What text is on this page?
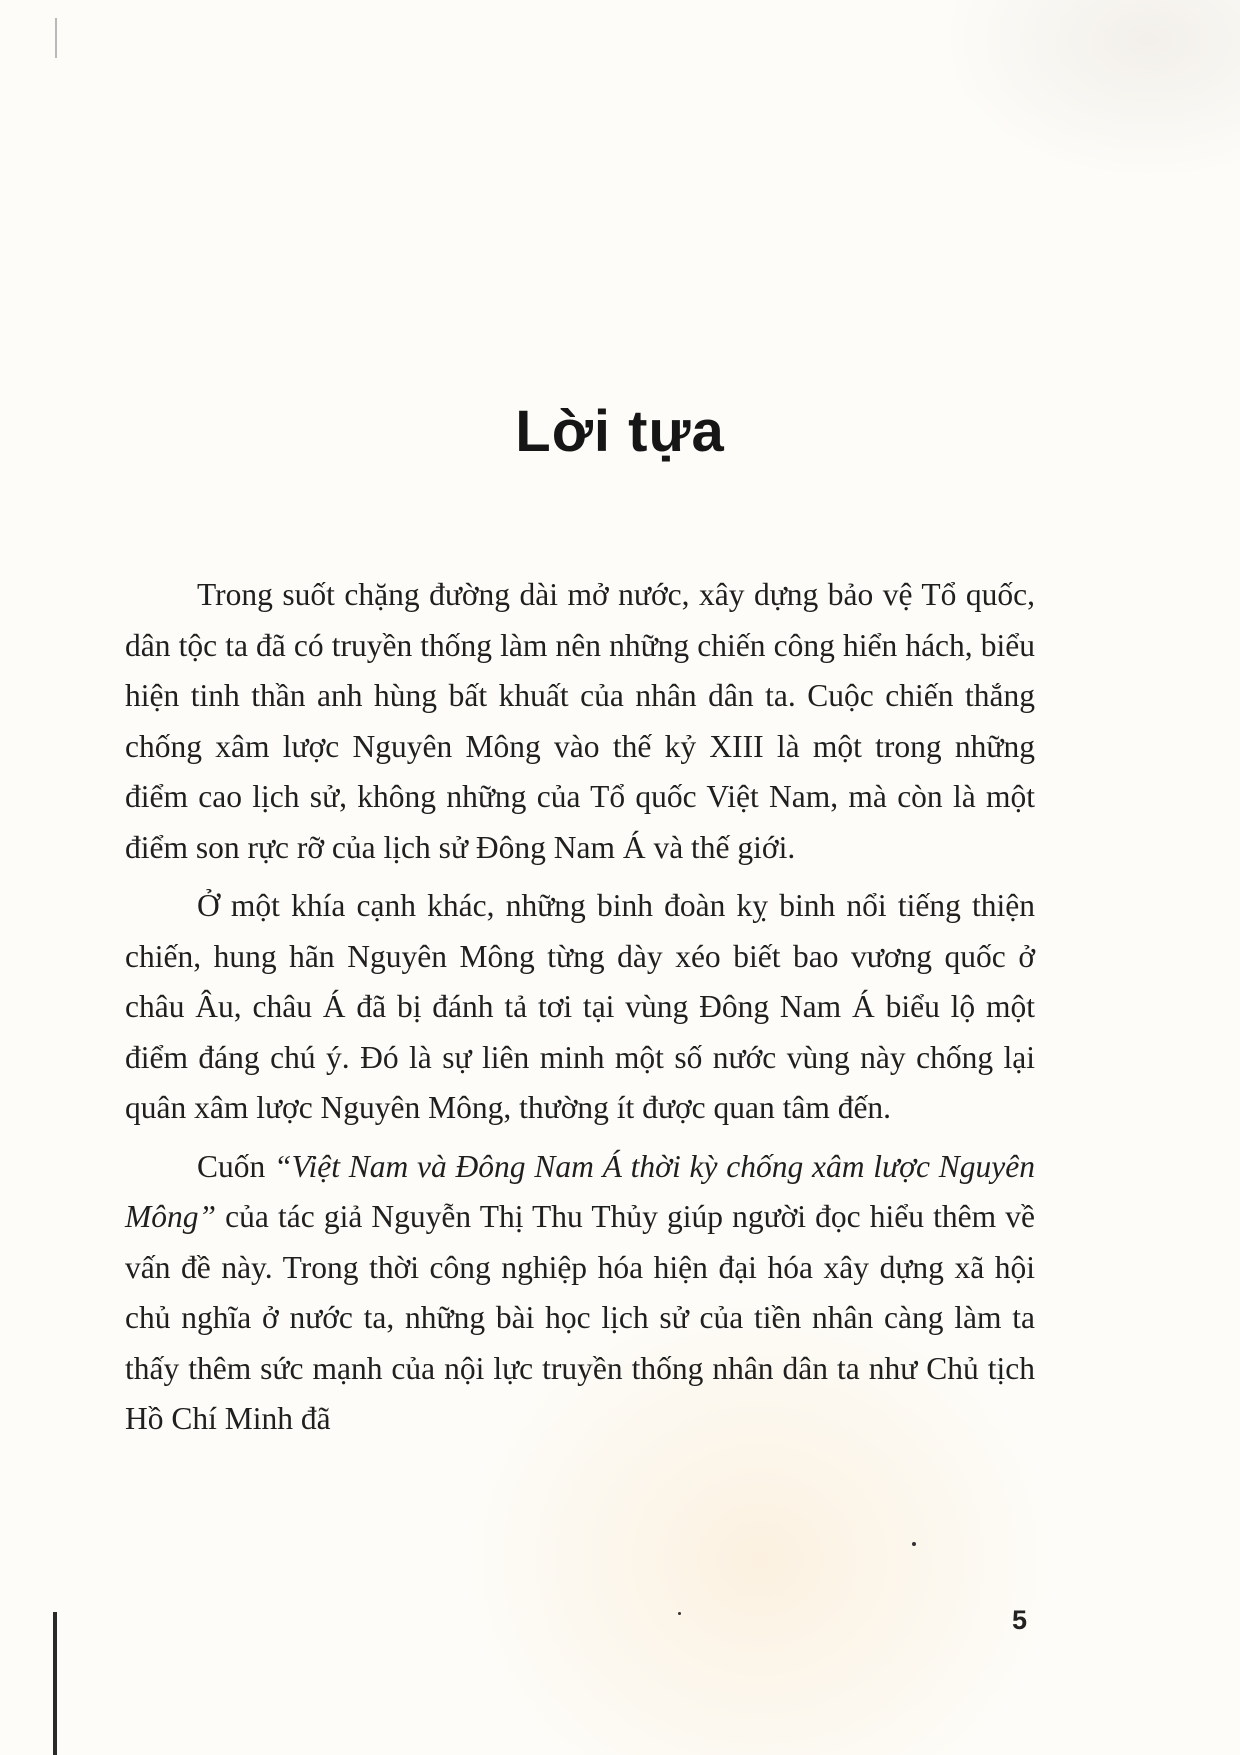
Lời tựa

Trong suốt chặng đường dài mở nước, xây dựng bảo vệ Tổ quốc, dân tộc ta đã có truyền thống làm nên những chiến công hiển hách, biểu hiện tinh thần anh hùng bất khuất của nhân dân ta. Cuộc chiến thắng chống xâm lược Nguyên Mông vào thế kỷ XIII là một trong những điểm cao lịch sử, không những của Tổ quốc Việt Nam, mà còn là một điểm son rực rỡ của lịch sử Đông Nam Á và thế giới.

Ở một khía cạnh khác, những binh đoàn kỵ binh nổi tiếng thiện chiến, hung hãn Nguyên Mông từng dày xéo biết bao vương quốc ở châu Âu, châu Á đã bị đánh tả tơi tại vùng Đông Nam Á biểu lộ một điểm đáng chú ý. Đó là sự liên minh một số nước vùng này chống lại quân xâm lược Nguyên Mông, thường ít được quan tâm đến.

Cuốn “Việt Nam và Đông Nam Á thời kỳ chống xâm lược Nguyên Mông” của tác giả Nguyễn Thị Thu Thủy giúp người đọc hiểu thêm về vấn đề này. Trong thời công nghiệp hóa hiện đại hóa xây dựng xã hội chủ nghĩa ở nước ta, những bài học lịch sử của tiền nhân càng làm ta thấy thêm sức mạnh của nội lực truyền thống nhân dân ta như Chủ tịch Hồ Chí Minh đã

5
